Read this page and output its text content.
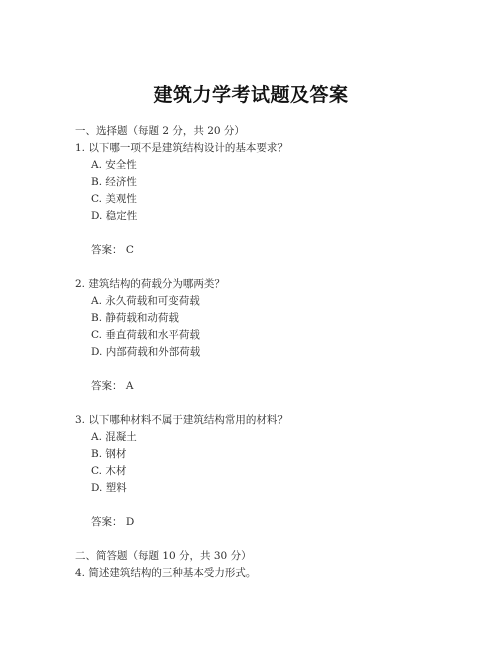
建筑力学考试题及答案
一、选择题（每题 2 分，共 20 分）
1. 以下哪一项不是建筑结构设计的基本要求？
A. 安全性
B. 经济性
C. 美观性
D. 稳定性
答案： C
2. 建筑结构的荷载分为哪两类？
A. 永久荷载和可变荷载
B. 静荷载和动荷载
C. 垂直荷载和水平荷载
D. 内部荷载和外部荷载
答案： A
3. 以下哪种材料不属于建筑结构常用的材料？
A. 混凝土
B. 钢材
C. 木材
D. 塑料
答案： D
二、简答题（每题 10 分，共 30 分）
4. 简述建筑结构的三种基本受力形式。
